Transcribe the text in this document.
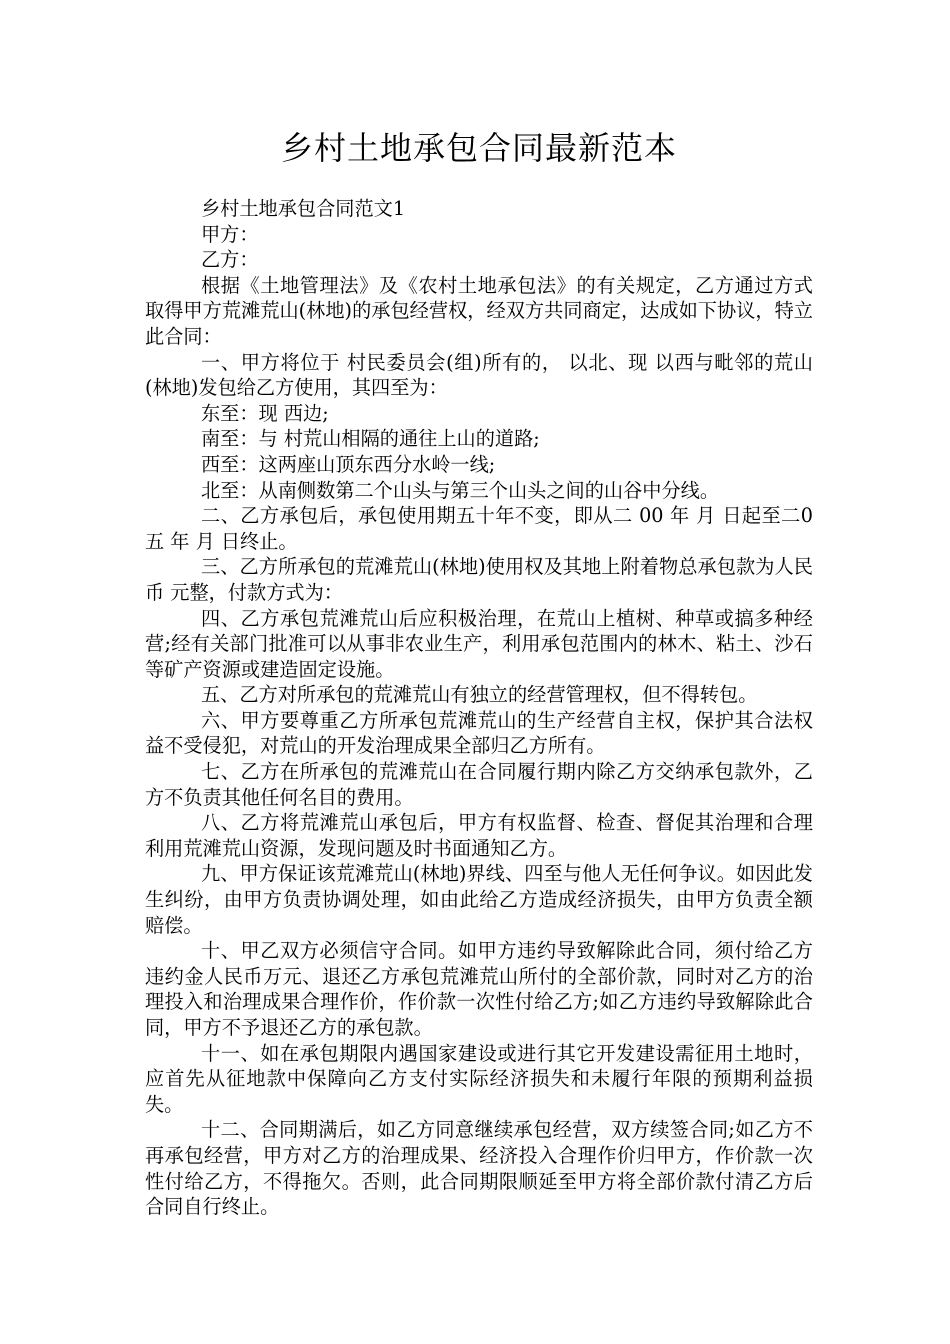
乡村土地承包合同最新范本

乡村土地承包合同范文1

甲方：

乙方：

根据《土地管理法》及《农村土地承包法》的有关规定，乙方通过方式取得甲方荒滩荒山(林地)的承包经营权，经双方共同商定，达成如下协议，特立此合同：

一、甲方将位于 村民委员会(组)所有的， 以北、现 以西与毗邻的荒山(林地)发包给乙方使用，其四至为：

东至：现 西边;

南至：与 村荒山相隔的通往上山的道路;

西至：这两座山顶东西分水岭一线;

北至：从南侧数第二个山头与第三个山头之间的山谷中分线。

二、乙方承包后，承包使用期五十年不变，即从二 00 年 月 日起至二0五 年 月 日终止。

三、乙方所承包的荒滩荒山(林地)使用权及其地上附着物总承包款为人民币 元整，付款方式为：

四、乙方承包荒滩荒山后应积极治理，在荒山上植树、种草或搞多种经营;经有关部门批准可以从事非农业生产，利用承包范围内的林木、粘土、沙石等矿产资源或建造固定设施。

五、乙方对所承包的荒滩荒山有独立的经营管理权，但不得转包。

六、甲方要尊重乙方所承包荒滩荒山的生产经营自主权，保护其合法权益不受侵犯，对荒山的开发治理成果全部归乙方所有。

七、乙方在所承包的荒滩荒山在合同履行期内除乙方交纳承包款外，乙方不负责其他任何名目的费用。

八、乙方将荒滩荒山承包后，甲方有权监督、检查、督促其治理和合理利用荒滩荒山资源，发现问题及时书面通知乙方。

九、甲方保证该荒滩荒山(林地)界线、四至与他人无任何争议。如因此发生纠纷，由甲方负责协调处理，如由此给乙方造成经济损失，由甲方负责全额赔偿。

十、甲乙双方必须信守合同。如甲方违约导致解除此合同，须付给乙方违约金人民币万元、退还乙方承包荒滩荒山所付的全部价款，同时对乙方的治理投入和治理成果合理作价，作价款一次性付给乙方;如乙方违约导致解除此合同，甲方不予退还乙方的承包款。

十一、如在承包期限内遇国家建设或进行其它开发建设需征用土地时，应首先从征地款中保障向乙方支付实际经济损失和未履行年限的预期利益损失。

十二、合同期满后，如乙方同意继续承包经营，双方续签合同;如乙方不再承包经营，甲方对乙方的治理成果、经济投入合理作价归甲方，作价款一次性付给乙方，不得拖欠。否则，此合同期限顺延至甲方将全部价款付清乙方后合同自行终止。
